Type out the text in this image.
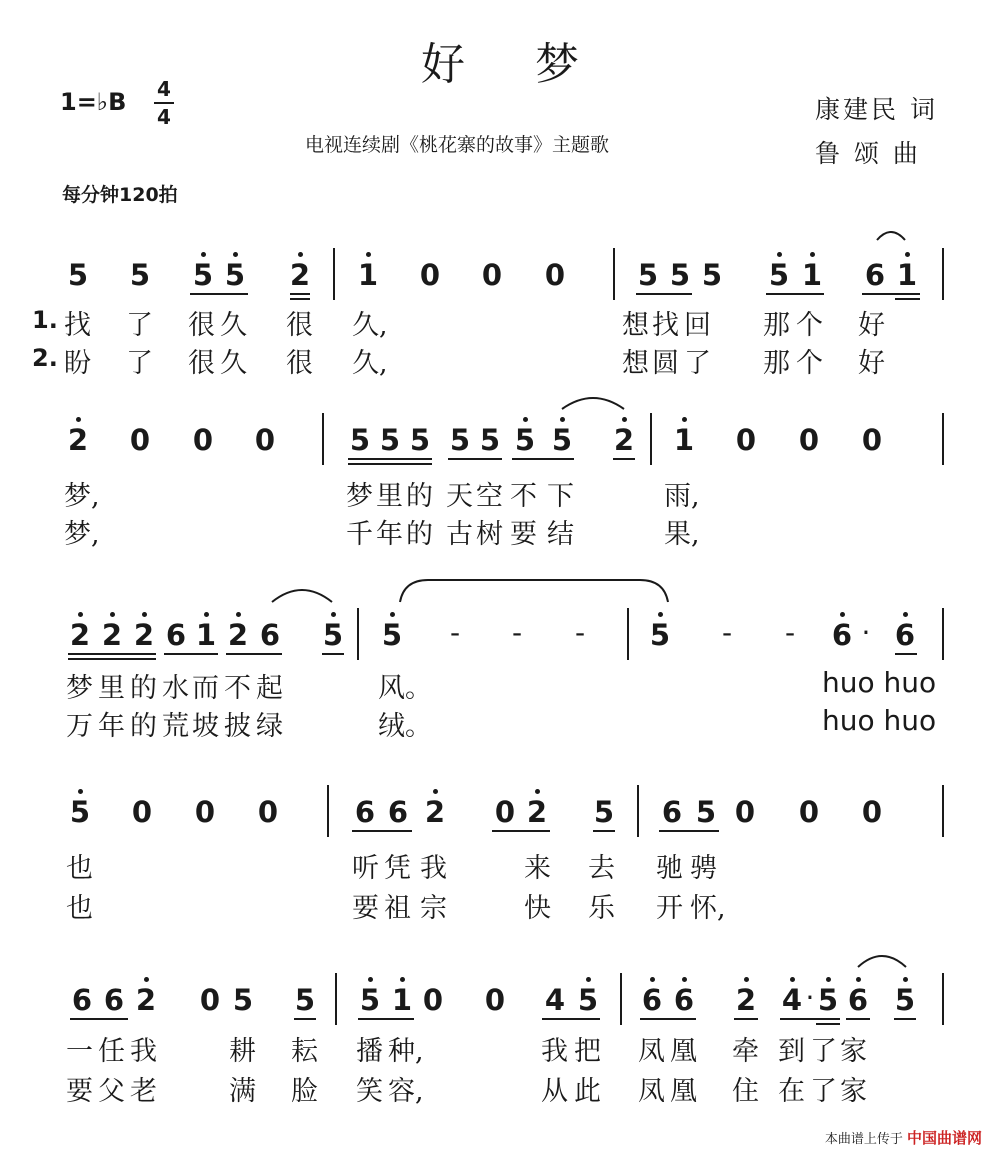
好梦
1=♭B 4
4
电视连续剧《桃花寨的故事》主题歌
康建民 词
鲁 颂 曲
每分钟120拍
5 5 5 5 2 1 0 0 0	5 5 5 5 1 6 1
1.
2.
找 了 很 久 很 久,	想 找 回 那 个 好
盼 了 很 久 很 久,	想 圆 了 那 个 好
2 0 0 0	5 5 5 5 5 5 5 2 1 0 0 0
梦,	梦 里 的 天 空 不 下	雨,
梦,	千 年 的 古 树 要 结	果,
2 2 2 6 1 2 6 5 5 - - - 5 - - 6 · 6
梦 里 的 水 而 不 起	风。	huo huo
万 年 的 荒 坡 披 绿	绒。	huo huo
5 0 0 0	6 6 2 0 2 5 6 5 0 0 0
也	听 凭 我	来 去 驰 骋
也	要 祖 宗	快 乐 开 怀,
6 6 2 0 5 5 5 1 0 0 4 5 6 6 2 4 · 5 6 5
一 任 我	耕 耘 播 种,	我 把 凤 凰 牵 到 了 家
要 父 老	满 脸 笑 容,	从 此 凤 凰 住 在 了 家
本曲谱上传于 中国曲谱网
